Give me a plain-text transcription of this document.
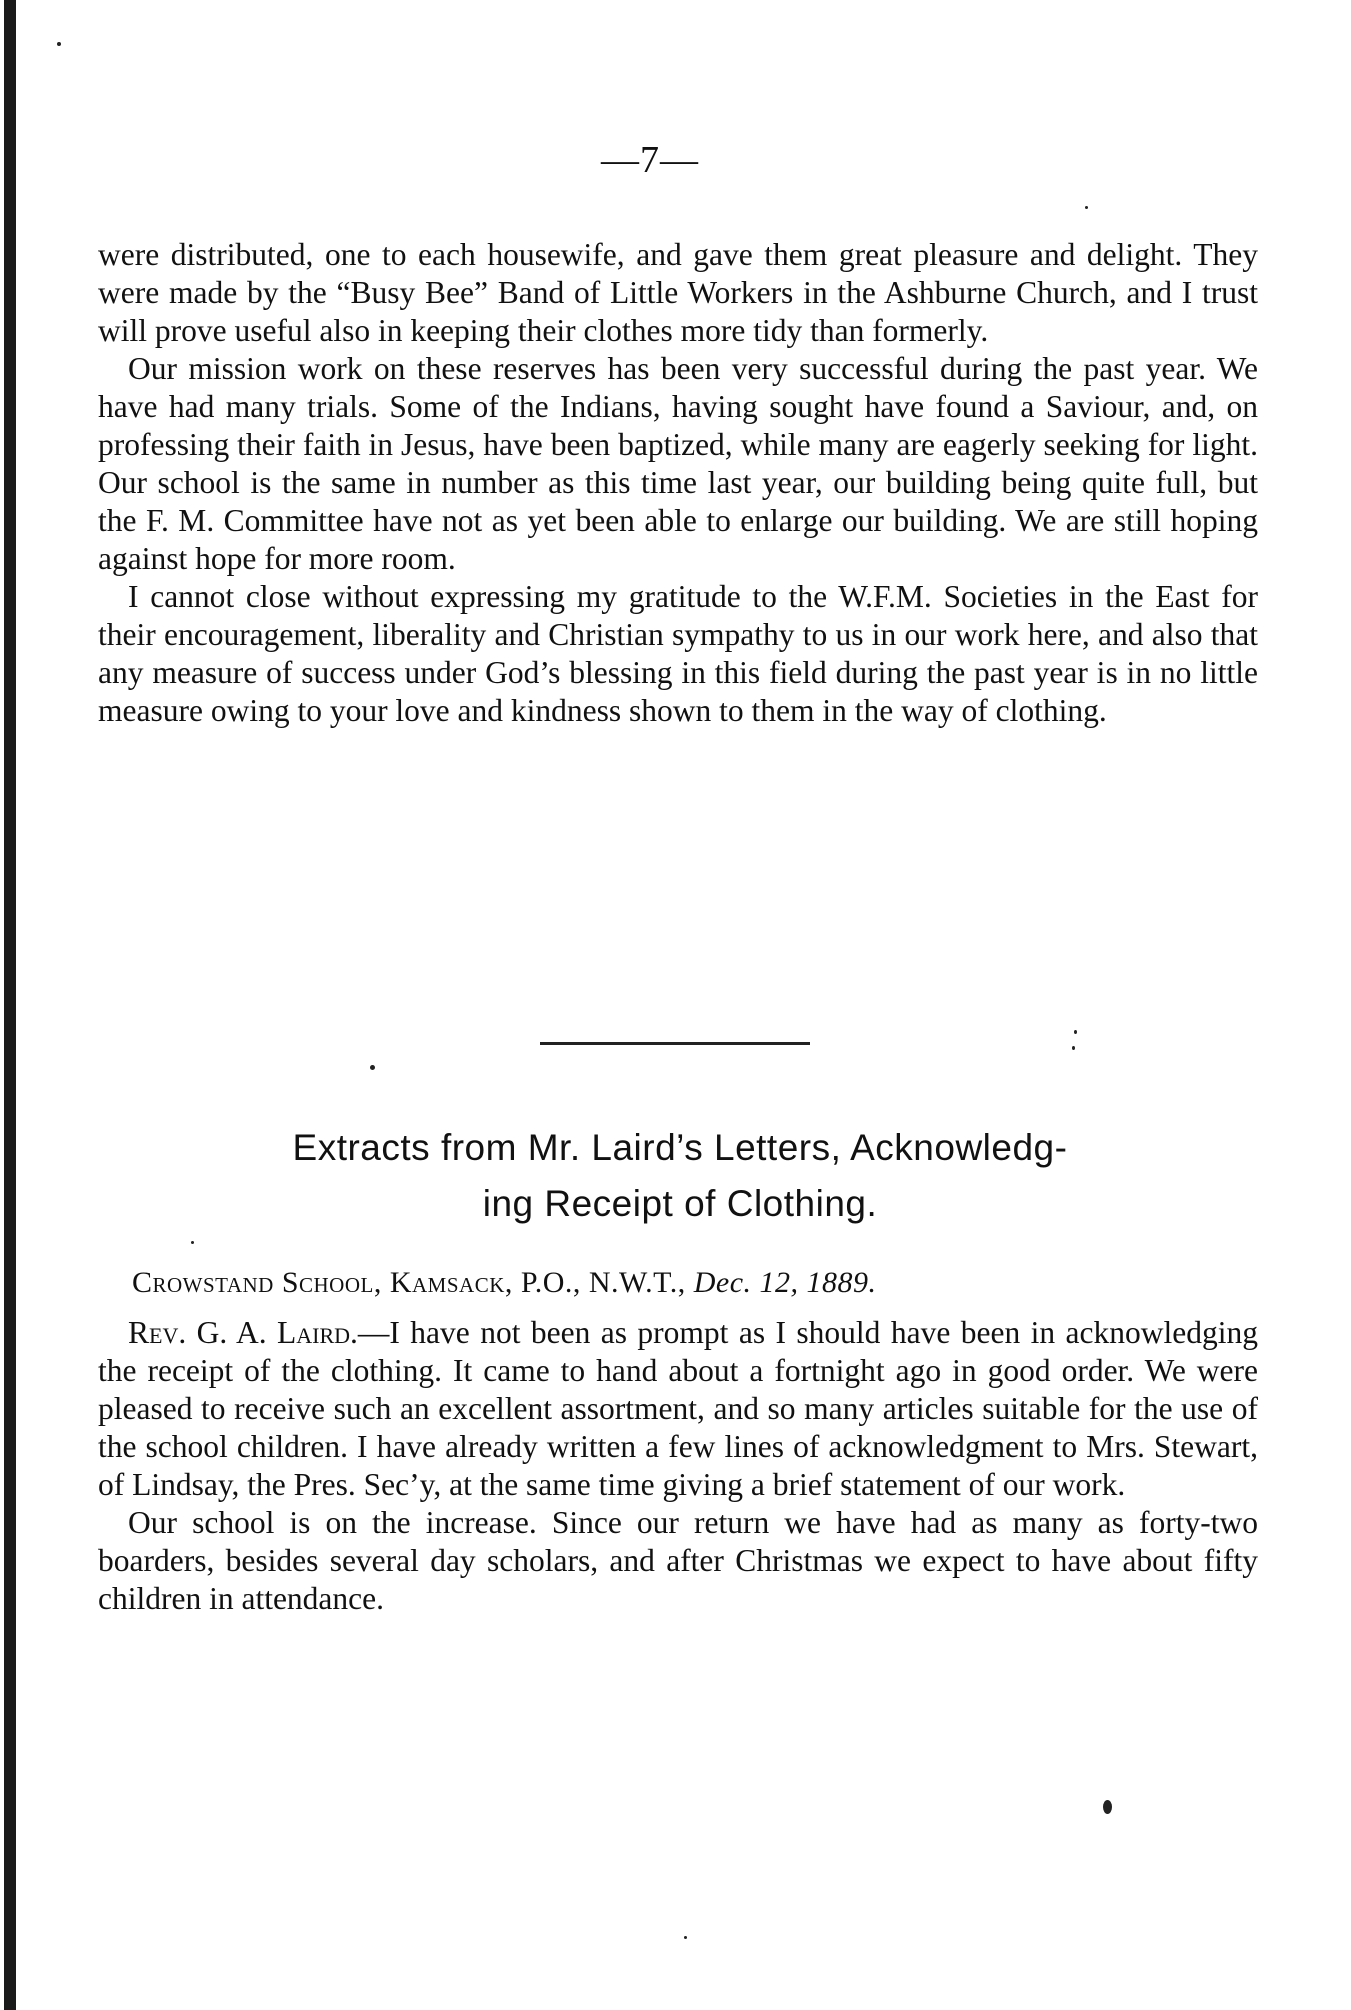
—7—

were distributed, one to each housewife, and gave them great pleasure and delight. They were made by the “Busy Bee” Band of Little Workers in the Ashburne Church, and I trust will prove useful also in keeping their clothes more tidy than formerly.

Our mission work on these reserves has been very successful during the past year. We have had many trials. Some of the Indians, having sought have found a Saviour, and, on professing their faith in Jesus, have been baptized, while many are eagerly seeking for light. Our school is the same in number as this time last year, our building being quite full, but the F. M. Committee have not as yet been able to enlarge our building. We are still hoping against hope for more room.

I cannot close without expressing my gratitude to the W.F.M. Societies in the East for their encouragement, liberality and Christian sympathy to us in our work here, and also that any measure of success under God’s blessing in this field during the past year is in no little measure owing to your love and kindness shown to them in the way of clothing.

Extracts from Mr. Laird’s Letters, Acknowledg-
ing Receipt of Clothing.

Crowstand School, Kamsack, P.O., N.W.T., Dec. 12, 1889.

Rev. G. A. Laird.—I have not been as prompt as I should have been in acknowledging the receipt of the clothing. It came to hand about a fortnight ago in good order. We were pleased to receive such an excellent assortment, and so many articles suitable for the use of the school children. I have already written a few lines of acknowledgment to Mrs. Stewart, of Lindsay, the Pres. Sec’y, at the same time giving a brief statement of our work.

Our school is on the increase. Since our return we have had as many as forty-two boarders, besides several day scholars, and after Christmas we expect to have about fifty children in attendance.
